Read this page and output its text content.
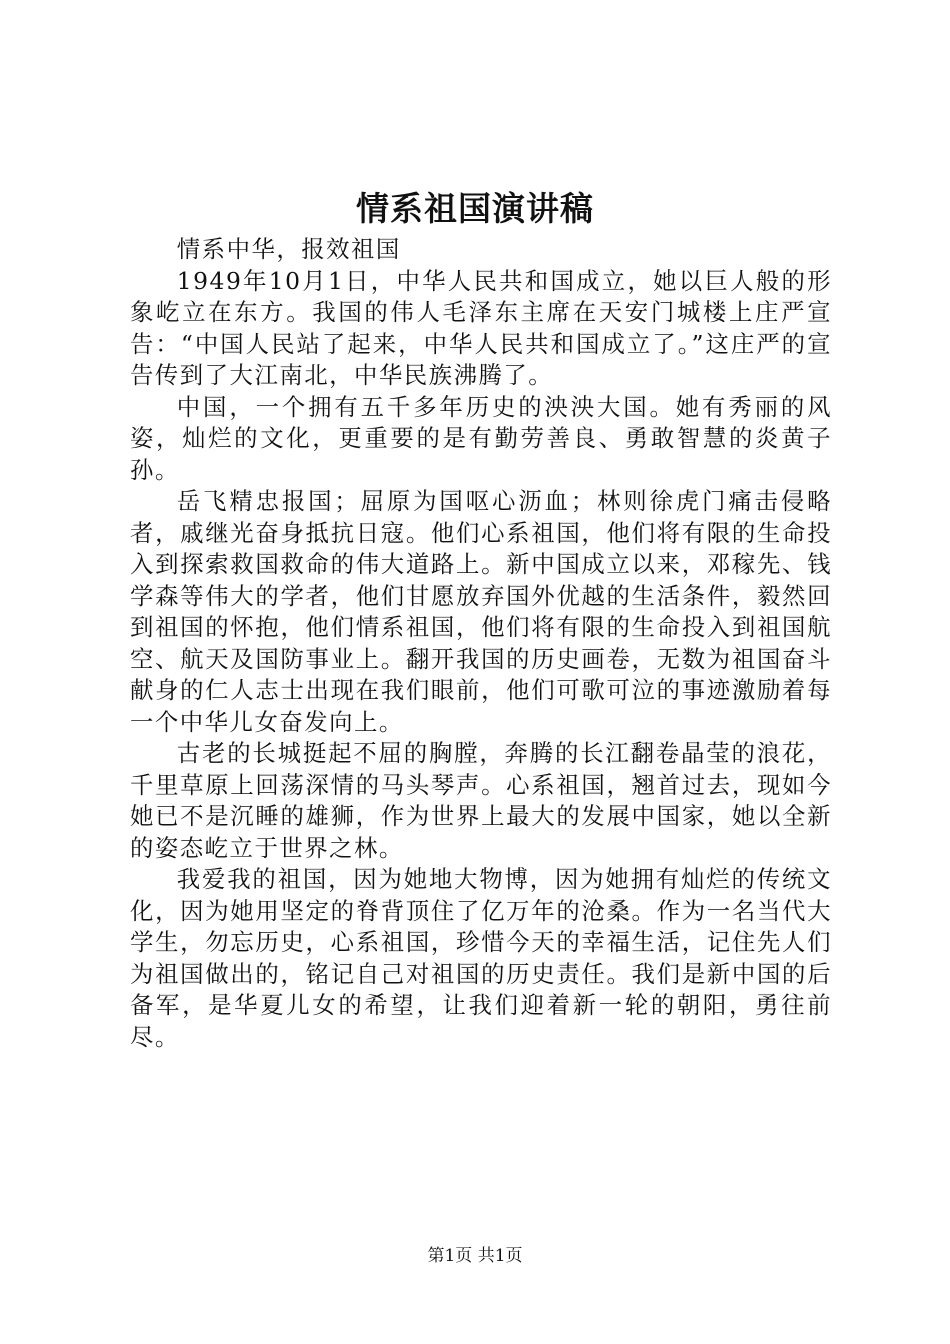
情系祖国演讲稿

情系中华，报效祖国

1949年10月1日，中华人民共和国成立，她以巨人般的形象屹立在东方。我国的伟人毛泽东主席在天安门城楼上庄严宣告：“中国人民站了起来，中华人民共和国成立了。”这庄严的宣告传到了大江南北，中华民族沸腾了。

中国，一个拥有五千多年历史的泱泱大国。她有秀丽的风姿，灿烂的文化，更重要的是有勤劳善良、勇敢智慧的炎黄子孙。

岳飞精忠报国；屈原为国呕心沥血；林则徐虎门痛击侵略者，戚继光奋身抵抗日寇。他们心系祖国，他们将有限的生命投入到探索救国救命的伟大道路上。新中国成立以来，邓稼先、钱学森等伟大的学者，他们甘愿放弃国外优越的生活条件，毅然回到祖国的怀抱，他们情系祖国，他们将有限的生命投入到祖国航空、航天及国防事业上。翻开我国的历史画卷，无数为祖国奋斗献身的仁人志士出现在我们眼前，他们可歌可泣的事迹激励着每一个中华儿女奋发向上。

古老的长城挺起不屈的胸膛，奔腾的长江翻卷晶莹的浪花，千里草原上回荡深情的马头琴声。心系祖国，翘首过去，现如今她已不是沉睡的雄狮，作为世界上最大的发展中国家，她以全新的姿态屹立于世界之林。

我爱我的祖国，因为她地大物博，因为她拥有灿烂的传统文化，因为她用坚定的脊背顶住了亿万年的沧桑。作为一名当代大学生，勿忘历史，心系祖国，珍惜今天的幸福生活，记住先人们为祖国做出的，铭记自己对祖国的历史责任。我们是新中国的后备军，是华夏儿女的希望，让我们迎着新一轮的朝阳，勇往前尽。

第1页 共1页
